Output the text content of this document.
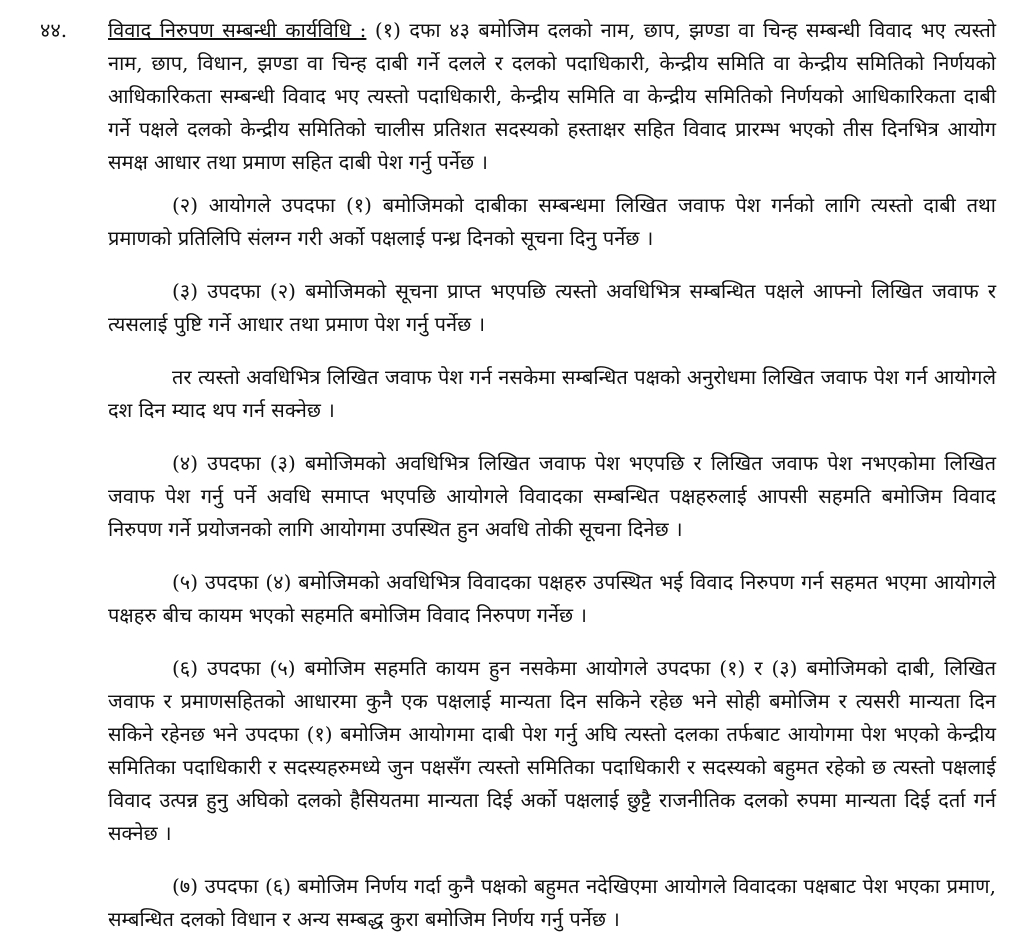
४४.	विवाद निरुपण सम्बन्धी कार्यविधि : (१) दफा ४३ बमोजिम दलको नाम, छाप, झण्डा वा चिन्ह सम्बन्धी विवाद भए त्यस्तो नाम, छाप, विधान, झण्डा वा चिन्ह दाबी गर्ने दलले र दलको पदाधिकारी, केन्द्रीय समिति वा केन्द्रीय समितिको निर्णयको आधिकारिकता सम्बन्धी विवाद भए त्यस्तो पदाधिकारी, केन्द्रीय समिति वा केन्द्रीय समितिको निर्णयको आधिकारिकता दाबी गर्ने पक्षले दलको केन्द्रीय समितिको चालीस प्रतिशत सदस्यको हस्ताक्षर सहित विवाद प्रारम्भ भएको तीस दिनभित्र आयोग समक्ष आधार तथा प्रमाण सहित दाबी पेश गर्नु पर्नेछ ।

(२) आयोगले उपदफा (१) बमोजिमको दाबीका सम्बन्धमा लिखित जवाफ पेश गर्नको लागि त्यस्तो दाबी तथा प्रमाणको प्रतिलिपि संलग्न गरी अर्को पक्षलाई पन्ध्र दिनको सूचना दिनु पर्नेछ ।

(३) उपदफा (२) बमोजिमको सूचना प्राप्त भएपछि त्यस्तो अवधिभित्र सम्बन्धित पक्षले आफ्नो लिखित जवाफ र त्यसलाई पुष्टि गर्ने आधार तथा प्रमाण पेश गर्नु पर्नेछ ।

तर त्यस्तो अवधिभित्र लिखित जवाफ पेश गर्न नसकेमा सम्बन्धित पक्षको अनुरोधमा लिखित जवाफ पेश गर्न आयोगले दश दिन म्याद थप गर्न सक्नेछ ।

(४) उपदफा (३) बमोजिमको अवधिभित्र लिखित जवाफ पेश भएपछि र लिखित जवाफ पेश नभएकोमा लिखित जवाफ पेश गर्नु पर्ने अवधि समाप्त भएपछि आयोगले विवादका सम्बन्धित पक्षहरुलाई आपसी सहमति बमोजिम विवाद निरुपण गर्ने प्रयोजनको लागि आयोगमा उपस्थित हुन अवधि तोकी सूचना दिनेछ ।

(५) उपदफा (४) बमोजिमको अवधिभित्र विवादका पक्षहरु उपस्थित भई विवाद निरुपण गर्न सहमत भएमा आयोगले पक्षहरु बीच कायम भएको सहमति बमोजिम विवाद निरुपण गर्नेछ ।

(६) उपदफा (५) बमोजिम सहमति कायम हुन नसकेमा आयोगले उपदफा (१) र (३) बमोजिमको दाबी, लिखित जवाफ र प्रमाणसहितको आधारमा कुनै एक पक्षलाई मान्यता दिन सकिने रहेछ भने सोही बमोजिम र त्यसरी मान्यता दिन सकिने रहेनछ भने उपदफा (१) बमोजिम आयोगमा दाबी पेश गर्नु अघि त्यस्तो दलका तर्फबाट आयोगमा पेश भएको केन्द्रीय समितिका पदाधिकारी र सदस्यहरुमध्ये जुन पक्षसँग त्यस्तो समितिका पदाधिकारी र सदस्यको बहुमत रहेको छ त्यस्तो पक्षलाई विवाद उत्पन्न हुनु अघिको दलको हैसियतमा मान्यता दिई अर्को पक्षलाई छुट्टै राजनीतिक दलको रुपमा मान्यता दिई दर्ता गर्न सक्नेछ ।

(७) उपदफा (६) बमोजिम निर्णय गर्दा कुनै पक्षको बहुमत नदेखिएमा आयोगले विवादका पक्षबाट पेश भएका प्रमाण, सम्बन्धित दलको विधान र अन्य सम्बद्ध कुरा बमोजिम निर्णय गर्नु पर्नेछ ।
